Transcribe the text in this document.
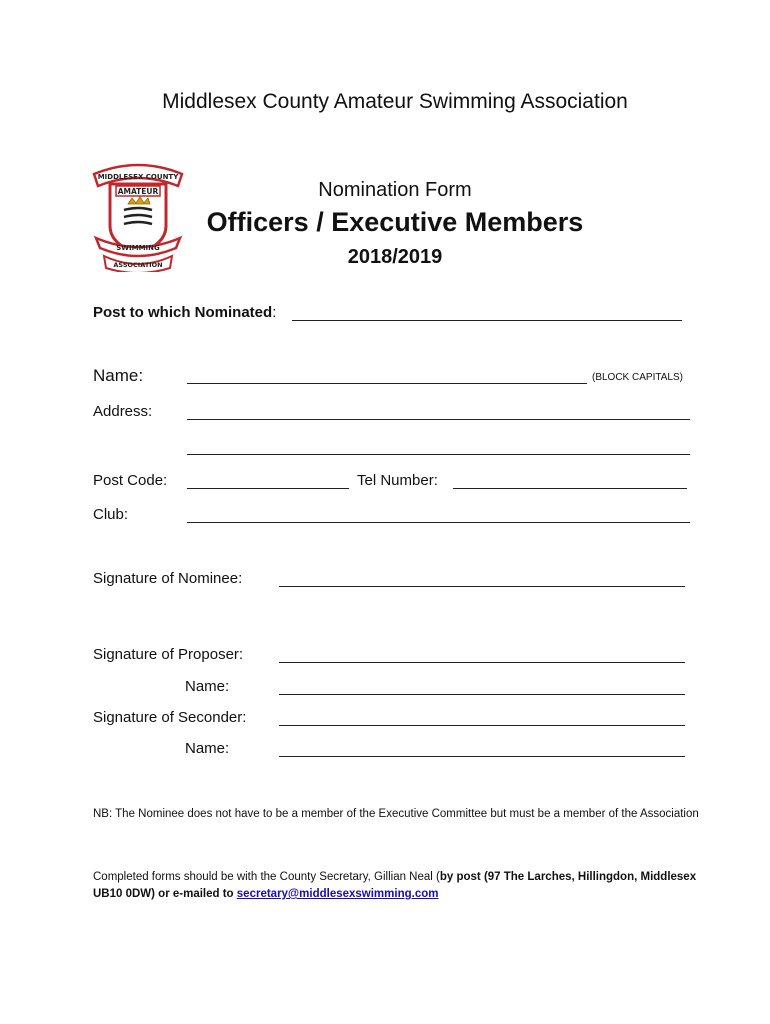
Middlesex County Amateur Swimming Association
MIDDLESEX COUNTY
AMATEUR
SWIMMING
ASSOCIATION
Nomination Form
Officers / Executive Members
2018/2019
Post to which Nominated:
Name:	(BLOCK CAPITALS)
Address:
Post Code:	Tel Number:
Club:
Signature of Nominee:
Signature of Proposer:
Name:
Signature of Seconder:
Name:
NB: The Nominee does not have to be a member of the Executive Committee but must be a member of the Association
Completed forms should be with the County Secretary, Gillian Neal (by post (97 The Larches, Hillingdon, Middlesex UB10 0DW) or e-mailed to secretary@middlesexswimming.com
